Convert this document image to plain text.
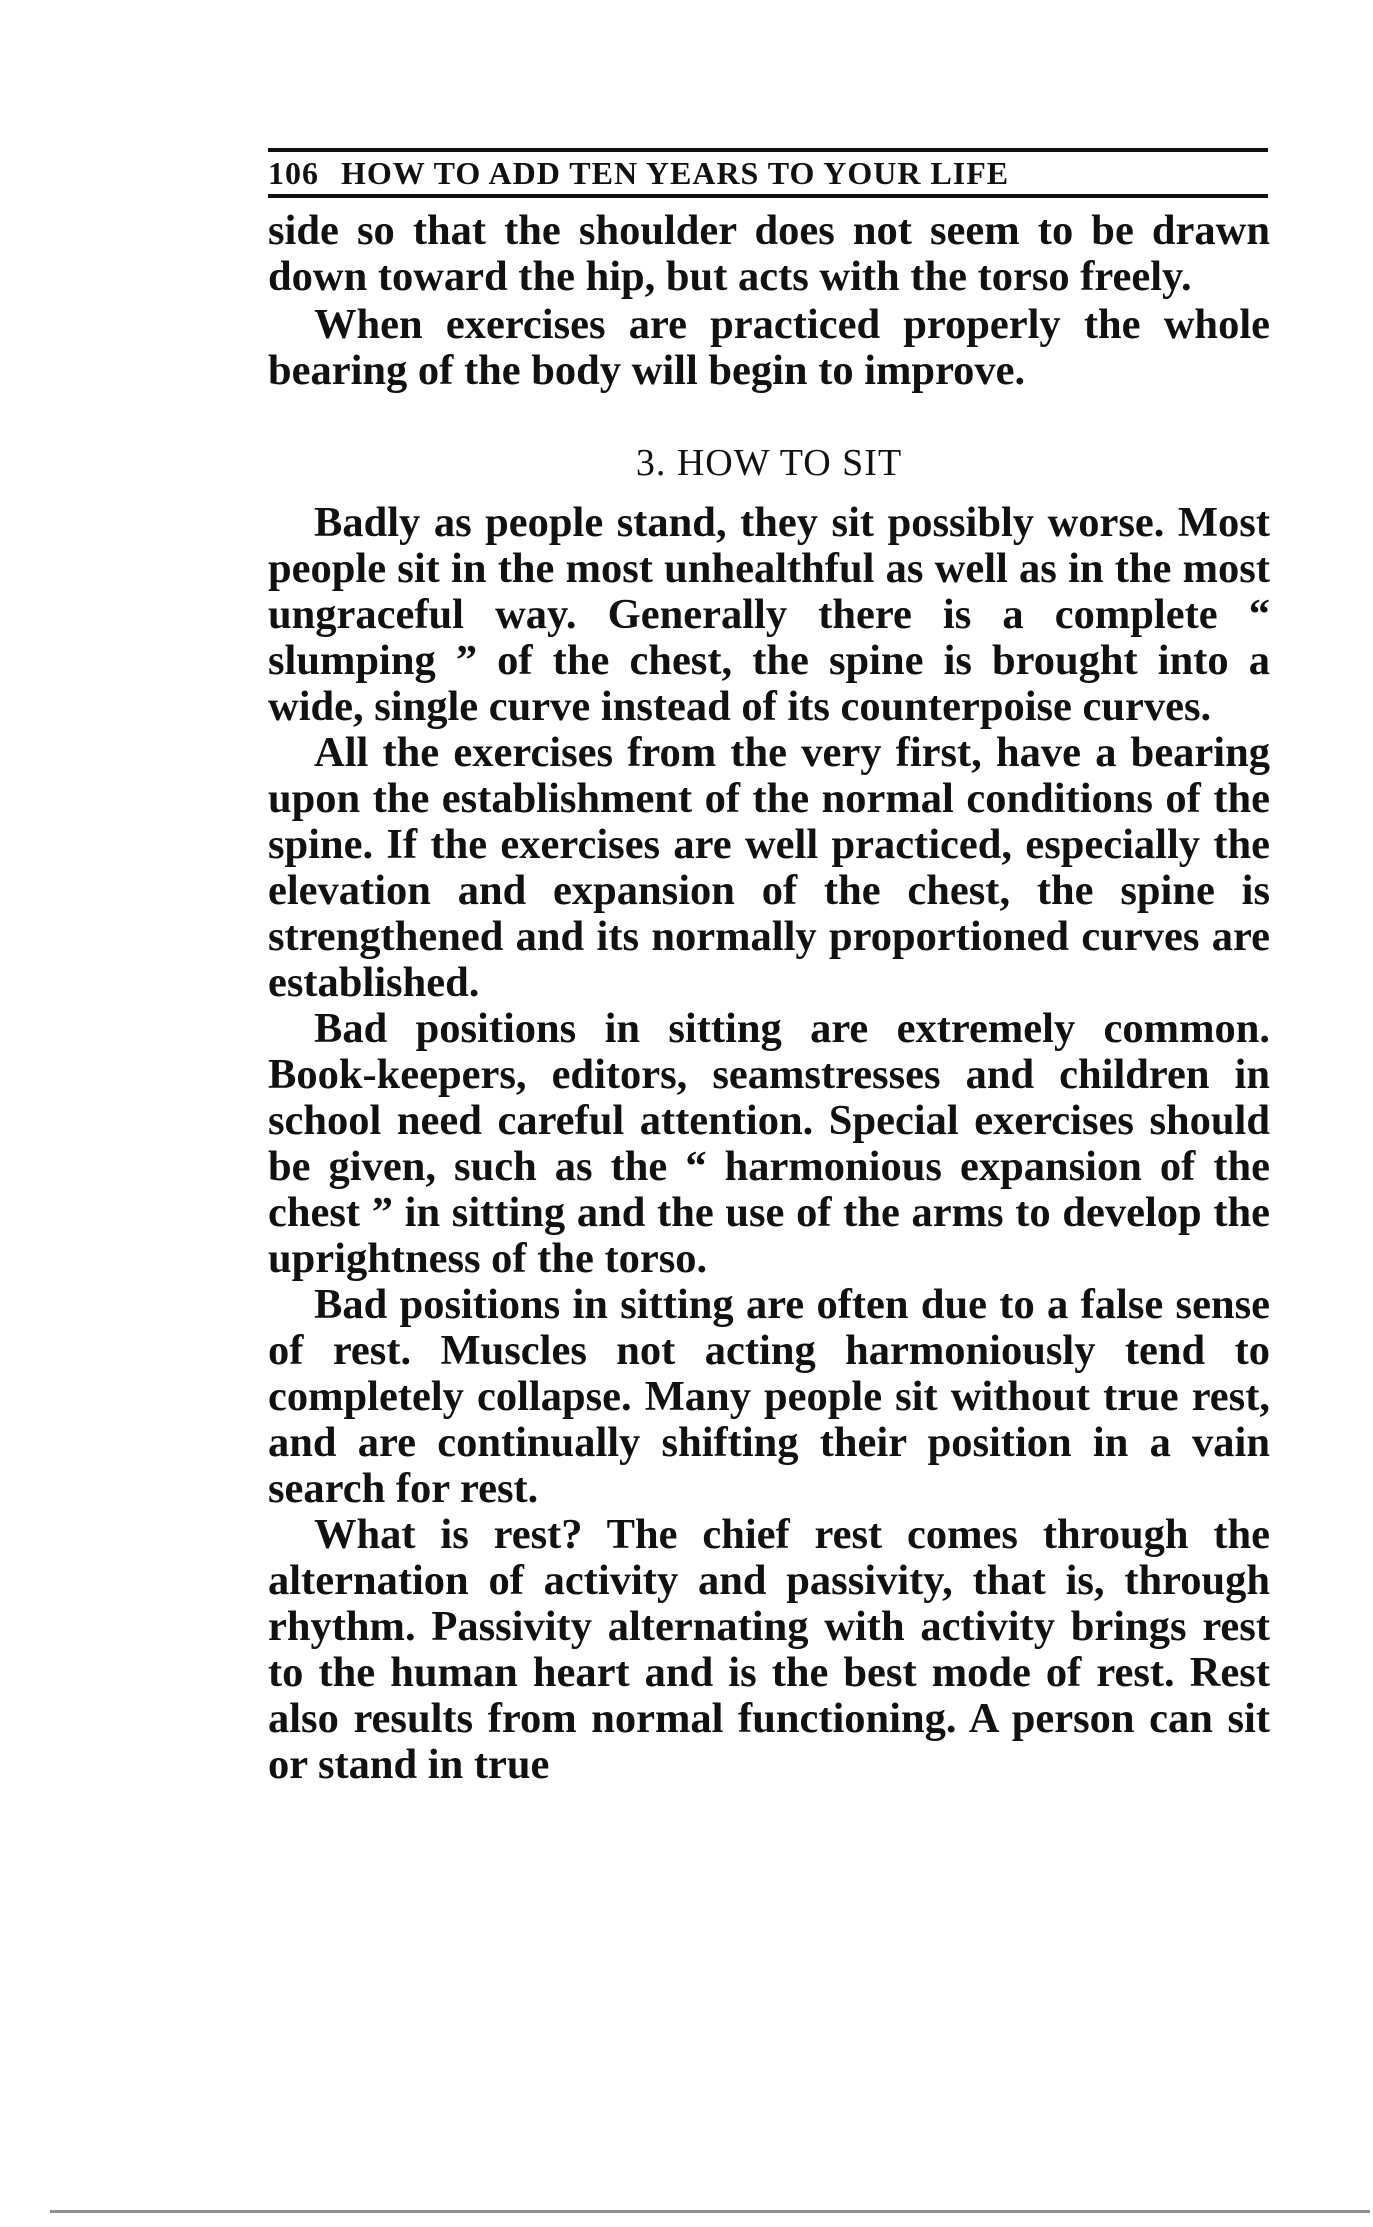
106 HOW TO ADD TEN YEARS TO YOUR LIFE

side so that the shoulder does not seem to be drawn down toward the hip, but acts with the torso freely.

When exercises are practiced properly the whole bearing of the body will begin to improve.

3. HOW TO SIT

Badly as people stand, they sit possibly worse. Most people sit in the most unhealthful as well as in the most ungraceful way. Generally there is a complete “ slumping ” of the chest, the spine is brought into a wide, single curve instead of its counterpoise curves.

All the exercises from the very first, have a bearing upon the establishment of the normal conditions of the spine. If the exercises are well practiced, especially the elevation and expansion of the chest, the spine is strengthened and its normally proportioned curves are established.

Bad positions in sitting are extremely common. Book-keepers, editors, seamstresses and children in school need careful attention. Special exercises should be given, such as the “ harmonious expansion of the chest ” in sitting and the use of the arms to develop the uprightness of the torso.

Bad positions in sitting are often due to a false sense of rest. Muscles not acting harmoniously tend to completely collapse. Many people sit without true rest, and are continually shifting their position in a vain search for rest.

What is rest? The chief rest comes through the alternation of activity and passivity, that is, through rhythm. Passivity alternating with activity brings rest to the human heart and is the best mode of rest. Rest also results from normal functioning. A person can sit or stand in true
